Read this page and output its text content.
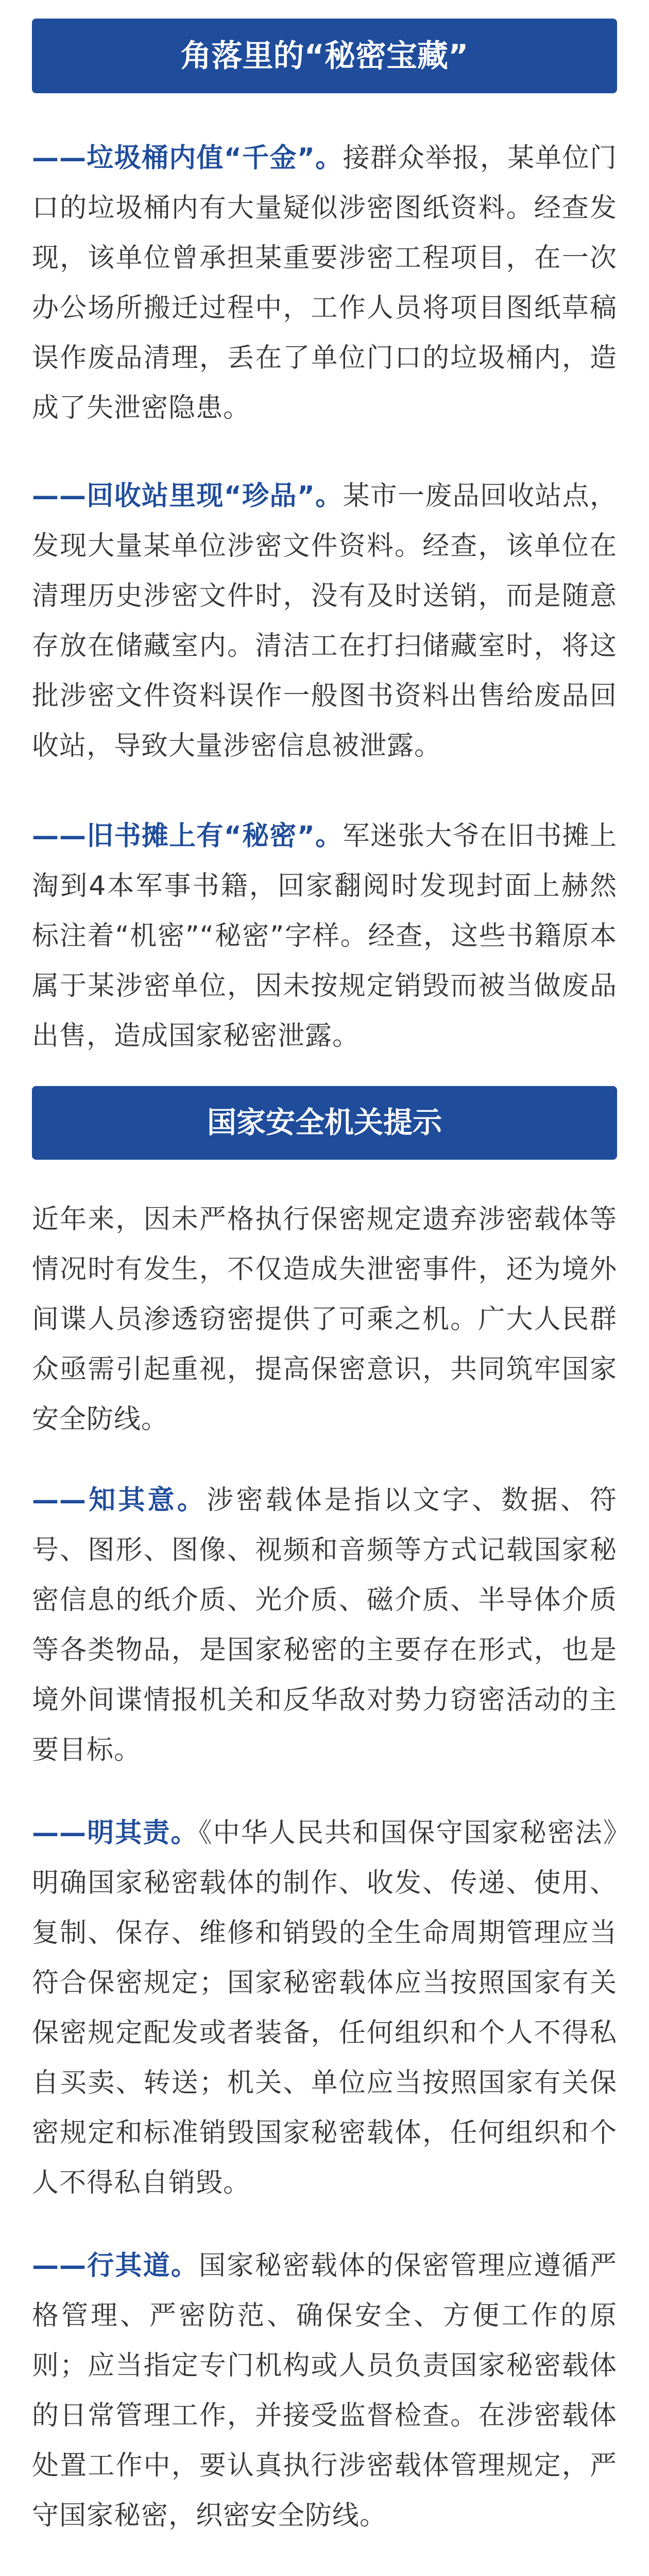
角落里的“秘密宝藏”

——垃圾桶内值“千金”。接群众举报，某单位门口的垃圾桶内有大量疑似涉密图纸资料。经查发现，该单位曾承担某重要涉密工程项目，在一次办公场所搬迁过程中，工作人员将项目图纸草稿误作废品清理，丢在了单位门口的垃圾桶内，造成了失泄密隐患。

——回收站里现“珍品”。某市一废品回收站点，发现大量某单位涉密文件资料。经查，该单位在清理历史涉密文件时，没有及时送销，而是随意存放在储藏室内。清洁工在打扫储藏室时，将这批涉密文件资料误作一般图书资料出售给废品回收站，导致大量涉密信息被泄露。

——旧书摊上有“秘密”。军迷张大爷在旧书摊上淘到4本军事书籍，回家翻阅时发现封面上赫然标注着“机密”“秘密”字样。经查，这些书籍原本属于某涉密单位，因未按规定销毁而被当做废品出售，造成国家秘密泄露。

国家安全机关提示

近年来，因未严格执行保密规定遗弃涉密载体等情况时有发生，不仅造成失泄密事件，还为境外间谍人员渗透窃密提供了可乘之机。广大人民群众亟需引起重视，提高保密意识，共同筑牢国家安全防线。

——知其意。涉密载体是指以文字、数据、符号、图形、图像、视频和音频等方式记载国家秘密信息的纸介质、光介质、磁介质、半导体介质等各类物品，是国家秘密的主要存在形式，也是境外间谍情报机关和反华敌对势力窃密活动的主要目标。

——明其责。《中华人民共和国保守国家秘密法》明确国家秘密载体的制作、收发、传递、使用、复制、保存、维修和销毁的全生命周期管理应当符合保密规定；国家秘密载体应当按照国家有关保密规定配发或者装备，任何组织和个人不得私自买卖、转送；机关、单位应当按照国家有关保密规定和标准销毁国家秘密载体，任何组织和个人不得私自销毁。

——行其道。国家秘密载体的保密管理应遵循严格管理、严密防范、确保安全、方便工作的原则；应当指定专门机构或人员负责国家秘密载体的日常管理工作，并接受监督检查。在涉密载体处置工作中，要认真执行涉密载体管理规定，严守国家秘密，织密安全防线。
